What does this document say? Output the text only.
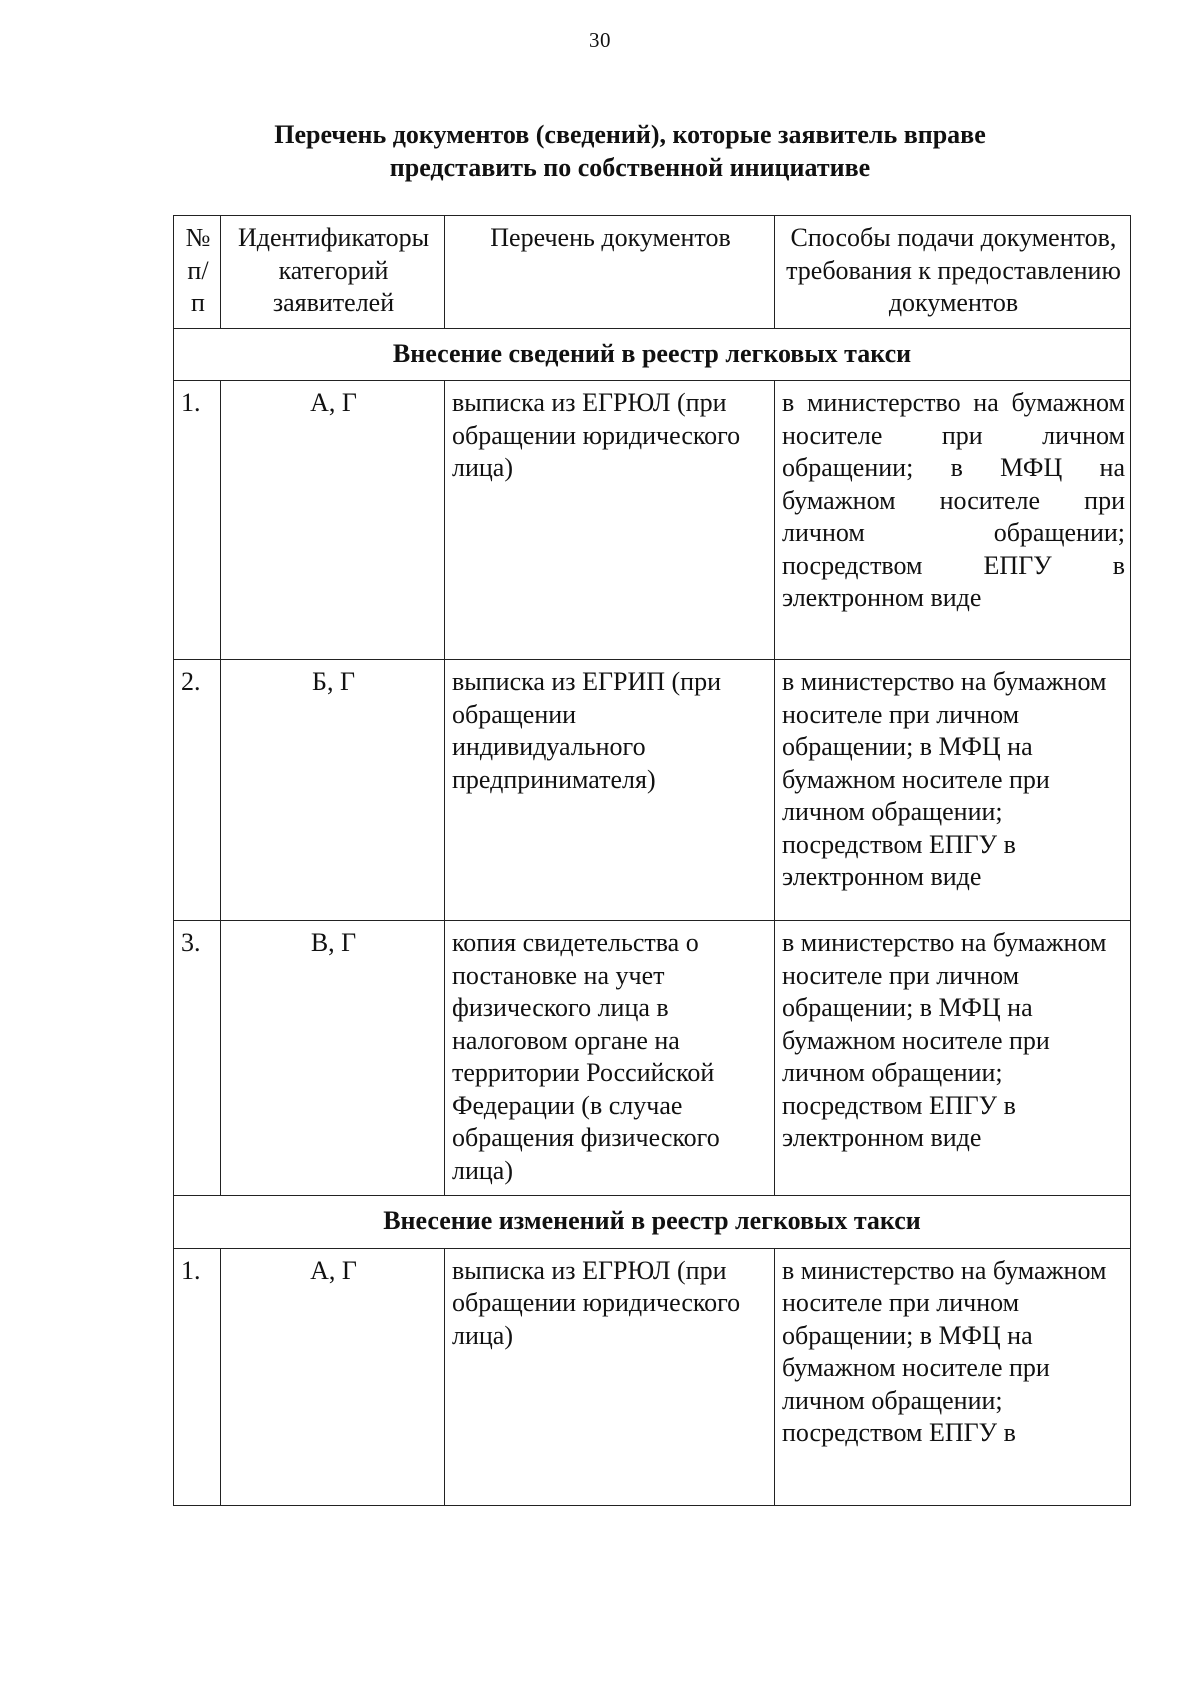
30
Перечень документов (сведений), которые заявитель вправе
представить по собственной инициативе
№ п/п	Идентификаторы категорий заявителей	Перечень документов	Способы подачи документов, требования к предоставлению документов
Внесение сведений в реестр легковых такси			
1.	А, Г	выписка из ЕГРЮЛ (при обращении юридического лица)	в министерство на бумажном носителе при личном обращении; в МФЦ на бумажном носителе при личном обращении; посредством ЕПГУ в электронном виде
2.	Б, Г	выписка из ЕГРИП (при обращении индивидуального предпринимателя)	в министерство на бумажном носителе при личном обращении; в МФЦ на бумажном носителе при личном обращении; посредством ЕПГУ в электронном виде
3.	В, Г	копия свидетельства о постановке на учет физического лица в налоговом органе на территории Российской Федерации (в случае обращения физического лица)	в министерство на бумажном носителе при личном обращении; в МФЦ на бумажном носителе при личном обращении; посредством ЕПГУ в электронном виде
Внесение изменений в реестр легковых такси			
1.	А, Г	выписка из ЕГРЮЛ (при обращении юридического лица)	в министерство на бумажном носителе при личном обращении; в МФЦ на бумажном носителе при личном обращении; посредством ЕПГУ в
